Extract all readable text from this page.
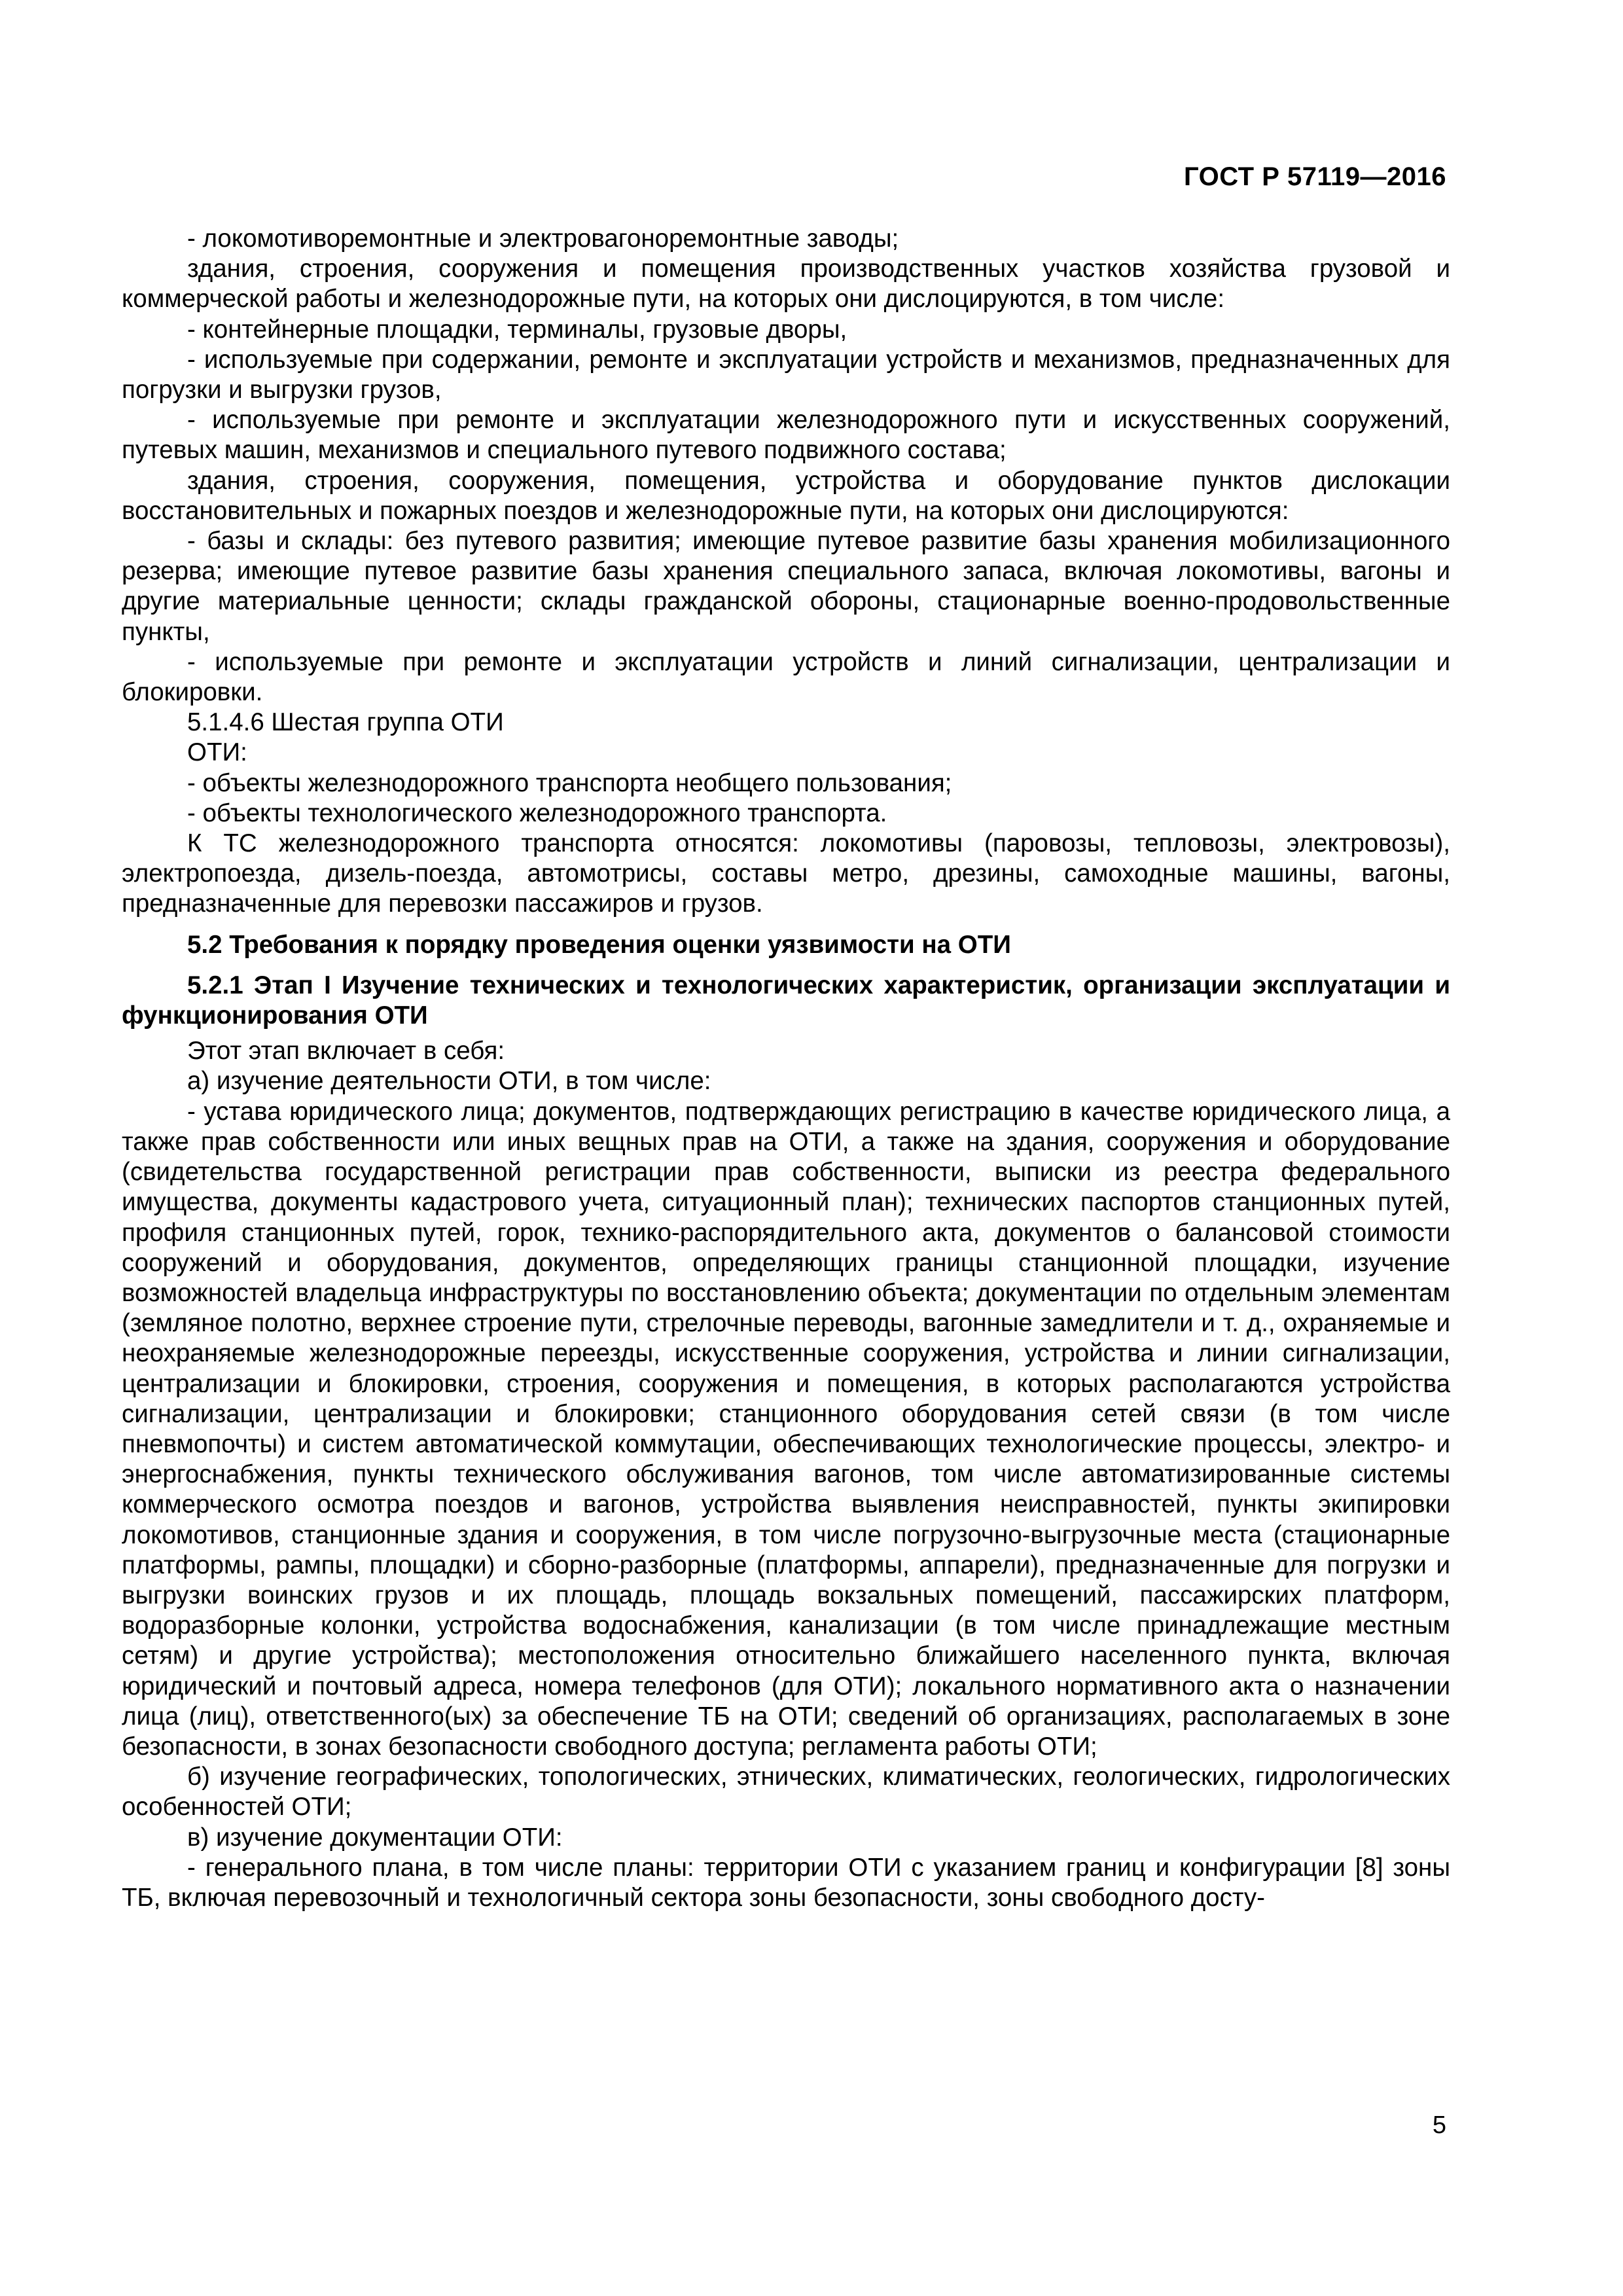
ГОСТ Р 57119—2016

- локомотиворемонтные и электровагоноремонтные заводы;

здания, строения, сооружения и помещения производственных участков хозяйства грузовой и коммерческой работы и железнодорожные пути, на которых они дислоцируются, в том числе:

- контейнерные площадки, терминалы, грузовые дворы,

- используемые при содержании, ремонте и эксплуатации устройств и механизмов, предназначенных для погрузки и выгрузки грузов,

- используемые при ремонте и эксплуатации железнодорожного пути и искусственных сооружений, путевых машин, механизмов и специального путевого подвижного состава;

здания, строения, сооружения, помещения, устройства и оборудование пунктов дислокации восстановительных и пожарных поездов и железнодорожные пути, на которых они дислоцируются:

- базы и склады: без путевого развития; имеющие путевое развитие базы хранения мобилизационного резерва; имеющие путевое развитие базы хранения специального запаса, включая локомотивы, вагоны и другие материальные ценности; склады гражданской обороны, стационарные военно-продовольственные пункты,

- используемые при ремонте и эксплуатации устройств и линий сигнализации, централизации и блокировки.

5.1.4.6 Шестая группа ОТИ

ОТИ:

- объекты железнодорожного транспорта необщего пользования;

- объекты технологического железнодорожного транспорта.

К ТС железнодорожного транспорта относятся: локомотивы (паровозы, тепловозы, электровозы), электропоезда, дизель-поезда, автомотрисы, составы метро, дрезины, самоходные машины, вагоны, предназначенные для перевозки пассажиров и грузов.

5.2 Требования к порядку проведения оценки уязвимости на ОТИ

5.2.1 Этап I Изучение технических и технологических характеристик, организации эксплуатации и функционирования ОТИ

Этот этап включает в себя:

а) изучение деятельности ОТИ, в том числе:

- устава юридического лица; документов, подтверждающих регистрацию в качестве юридического лица, а также прав собственности или иных вещных прав на ОТИ, а также на здания, сооружения и оборудование (свидетельства государственной регистрации прав собственности, выписки из реестра федерального имущества, документы кадастрового учета, ситуационный план); технических паспортов станционных путей, профиля станционных путей, горок, технико-распорядительного акта, документов о балансовой стоимости сооружений и оборудования, документов, определяющих границы станционной площадки, изучение возможностей владельца инфраструктуры по восстановлению объекта; документации по отдельным элементам (земляное полотно, верхнее строение пути, стрелочные переводы, вагонные замедлители и т. д., охраняемые и неохраняемые железнодорожные переезды, искусственные сооружения, устройства и линии сигнализации, централизации и блокировки, строения, сооружения и помещения, в которых располагаются устройства сигнализации, централизации и блокировки; станционного оборудования сетей связи (в том числе пневмопочты) и систем автоматической коммутации, обеспечивающих технологические процессы, электро- и энергоснабжения, пункты технического обслуживания вагонов, том числе автоматизированные системы коммерческого осмотра поездов и вагонов, устройства выявления неисправностей, пункты экипировки локомотивов, станционные здания и сооружения, в том числе погрузочно-выгрузочные места (стационарные платформы, рампы, площадки) и сборно-разборные (платформы, аппарели), предназначенные для погрузки и выгрузки воинских грузов и их площадь, площадь вокзальных помещений, пассажирских платформ, водоразборные колонки, устройства водоснабжения, канализации (в том числе принадлежащие местным сетям) и другие устройства); местоположения относительно ближайшего населенного пункта, включая юридический и почтовый адреса, номера телефонов (для ОТИ); локального нормативного акта о назначении лица (лиц), ответственного(ых) за обеспечение ТБ на ОТИ; сведений об организациях, располагаемых в зоне безопасности, в зонах безопасности свободного доступа; регламента работы ОТИ;

б) изучение географических, топологических, этнических, климатических, геологических, гидрологических особенностей ОТИ;

в) изучение документации ОТИ:

- генерального плана, в том числе планы: территории ОТИ с указанием границ и конфигурации [8] зоны ТБ, включая перевозочный и технологичный сектора зоны безопасности, зоны свободного досту-

5
